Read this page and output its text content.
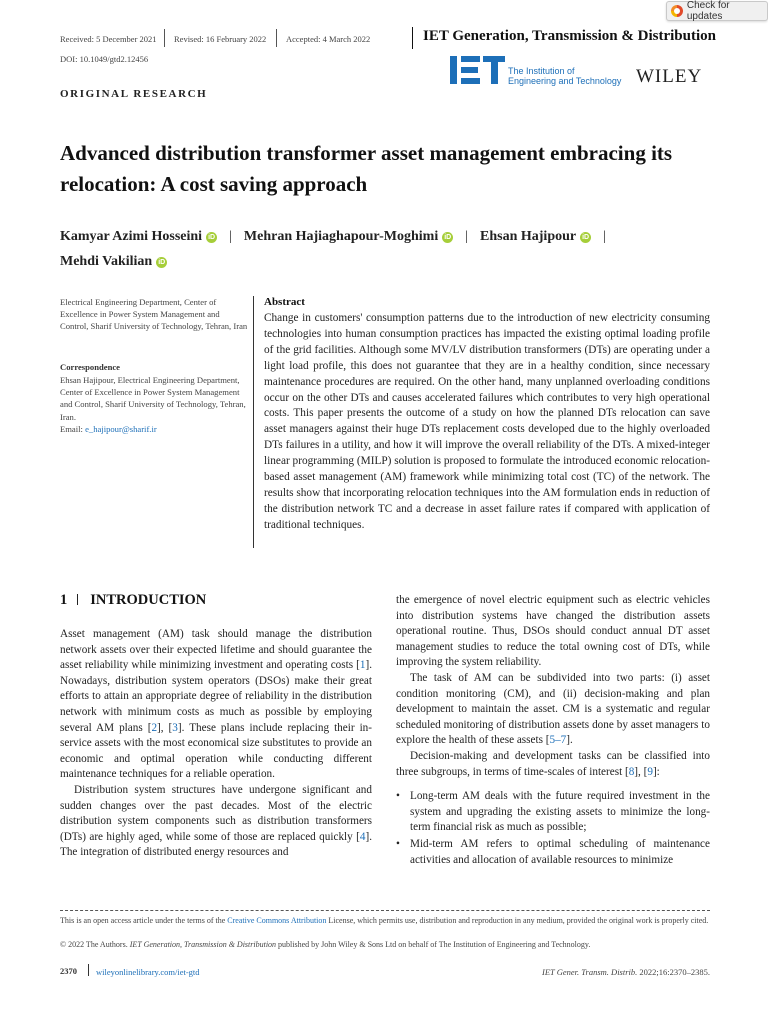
Check for updates
Received: 5 December 2021 Revised: 16 February 2022 Accepted: 4 March 2022	IET Generation, Transmission & Distribution
DOI: 10.1049/gtd2.12456
The Institution of
Engineering and Technology WILEY
ORIGINAL RESEARCH
Advanced distribution transformer asset management embracing its relocation: A cost saving approach
Kamyar Azimi Hosseini iD | Mehran Hajiaghapour-Moghimi iD | Ehsan Hajipour iD |
Mehdi Vakilian iD
Electrical Engineering Department, Center of Excellence in Power System Management and Control, Sharif University of Technology, Tehran, Iran
Correspondence
Ehsan Hajipour, Electrical Engineering Department, Center of Excellence in Power System Management and Control, Sharif University of Technology, Tehran, Iran.
Email: e_hajipour@sharif.ir
Abstract
Change in customers' consumption patterns due to the introduction of new electricity consuming technologies into human consumption practices has impacted the existing optimal loading profile of the grid facilities. Although some MV/LV distribution transformers (DTs) are operating under a light load profile, this does not guarantee that they are in a healthy condition, since necessary maintenance procedures are required. On the other hand, many unplanned overloading conditions occur on the other DTs and causes accelerated failures which contributes to very high operational costs. This paper presents the outcome of a study on how the planned DTs relocation can save asset managers against their huge DTs replacement costs developed due to the highly overloaded DTs failures in a utility, and how it will improve the overall reliability of the DTs. A mixed-integer linear programming (MILP) solution is proposed to formulate the introduced economic relocation-based asset management (AM) framework while minimizing total cost (TC) of the network. The results show that incorporating relocation techniques into the AM formulation ends in reduction of the distribution network TC and a decrease in asset failure rates if compared with application of traditional techniques.
1 INTRODUCTION

Asset management (AM) task should manage the distribution network assets over their expected lifetime and should guarantee the asset reliability while minimizing investment and operating costs [1]. Nowadays, distribution system operators (DSOs) make their great efforts to attain an appropriate degree of reliability in the distribution network with minimum costs as much as possible by employing several AM plans [2], [3]. These plans include replacing their in-service assets with the most economical size substitutes to provide an economic and optimal operation while conducting different maintenance techniques for a reliable operation.

Distribution system structures have undergone significant and sudden changes over the past decades. Most of the electric distribution system components such as distribution transformers (DTs) are highly aged, while some of those are replaced quickly [4]. The integration of distributed energy resources and

the emergence of novel electric equipment such as electric vehicles into distribution systems have changed the distribution assets operational routine. Thus, DSOs should conduct annual DT asset management studies to reduce the total owning cost of DTs, while improving the system reliability.

The task of AM can be subdivided into two parts: (i) asset condition monitoring (CM), and (ii) decision-making and plan development to maintain the asset. CM is a systematic and regular scheduled monitoring of distribution assets done by asset managers to explore the health of these assets [5–7].

Decision-making and development tasks can be classified into three subgroups, in terms of time-scales of interest [8], [9]:

• Long-term AM deals with the future required investment in the system and upgrading the existing assets to minimize the long-term financial risk as much as possible;
• Mid-term AM refers to optimal scheduling of maintenance activities and allocation of available resources to minimize
This is an open access article under the terms of the Creative Commons Attribution License, which permits use, distribution and reproduction in any medium, provided the original work is properly cited.
© 2022 The Authors. IET Generation, Transmission & Distribution published by John Wiley & Sons Ltd on behalf of The Institution of Engineering and Technology.
2370 wileyonlinelibrary.com/iet-gtd	IET Gener. Transm. Distrib. 2022;16:2370–2385.
